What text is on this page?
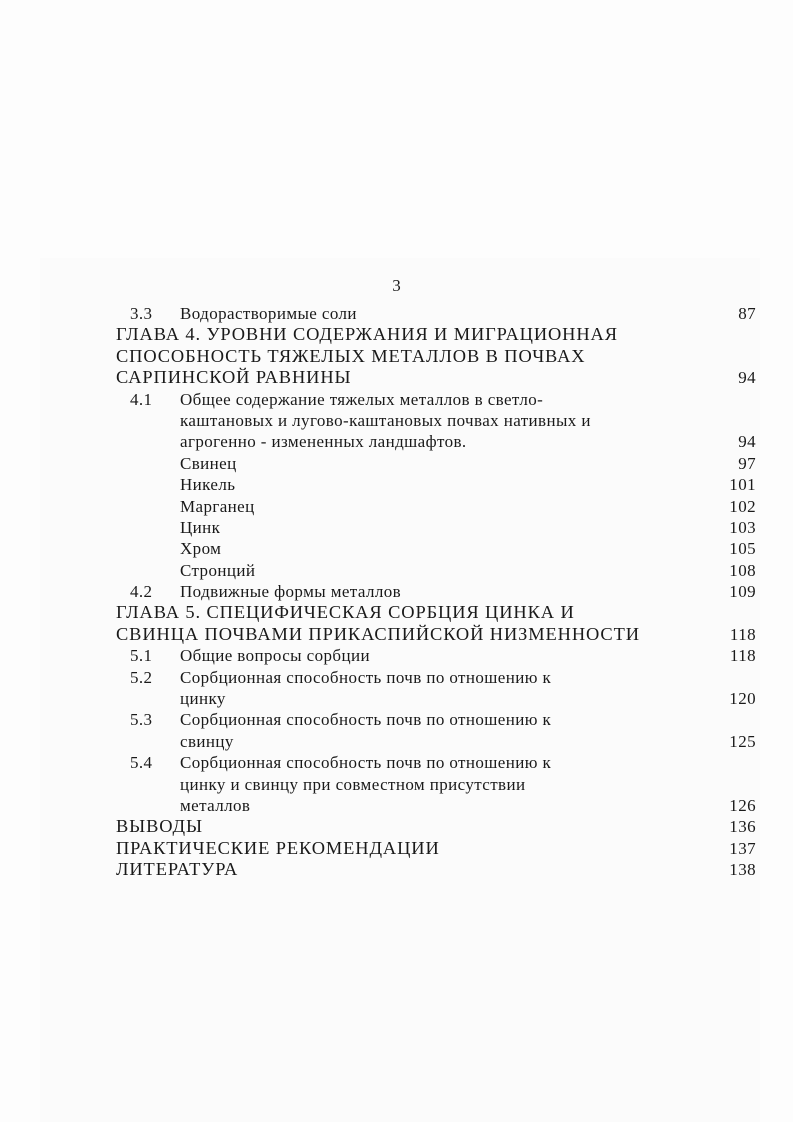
3
3.3 Водорастворимые соли	87
ГЛАВА 4. УРОВНИ СОДЕРЖАНИЯ И МИГРАЦИОННАЯ
СПОСОБНОСТЬ ТЯЖЕЛЫХ МЕТАЛЛОВ В ПОЧВАХ
САРПИНСКОЙ РАВНИНЫ	94
4.1 Общее содержание тяжелых металлов в светло-
каштановых и лугово-каштановых почвах нативных и
агрогенно - измененных ландшафтов.	94
Свинец	97
Никель	101
Марганец	102
Цинк	103
Хром	105
Стронций	108
4.2 Подвижные формы металлов	109
ГЛАВА 5. СПЕЦИФИЧЕСКАЯ СОРБЦИЯ ЦИНКА И
СВИНЦА ПОЧВАМИ ПРИКАСПИЙСКОЙ НИЗМЕННОСТИ	118
5.1 Общие вопросы сорбции	118
5.2 Сорбционная способность почв по отношению к
цинку	120
5.3 Сорбционная способность почв по отношению к
свинцу	125
5.4 Сорбционная способность почв по отношению к
цинку и свинцу при совместном присутствии
металлов	126
ВЫВОДЫ	136
ПРАКТИЧЕСКИЕ РЕКОМЕНДАЦИИ	137
ЛИТЕРАТУРА	138
